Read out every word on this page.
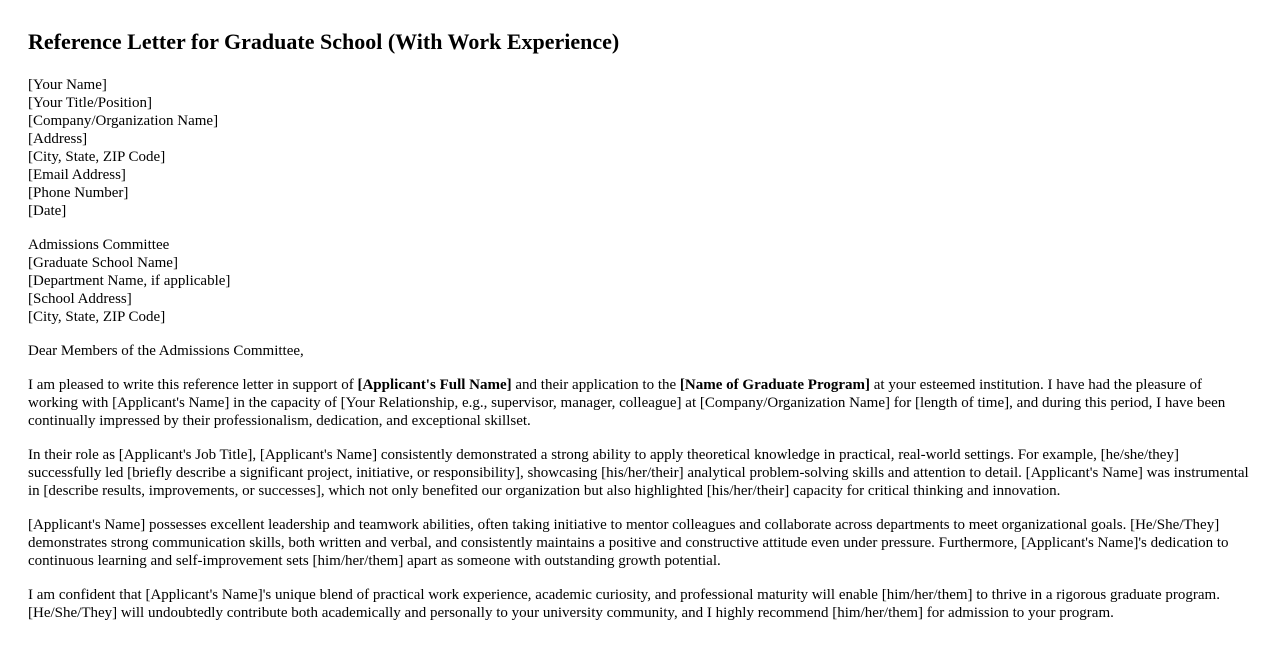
Reference Letter for Graduate School (With Work Experience)
[Your Name]
[Your Title/Position]
[Company/Organization Name]
[Address]
[City, State, ZIP Code]
[Email Address]
[Phone Number]
[Date]
Admissions Committee
[Graduate School Name]
[Department Name, if applicable]
[School Address]
[City, State, ZIP Code]

Dear Members of the Admissions Committee,

I am pleased to write this reference letter in support of [Applicant's Full Name] and their application to the [Name of Graduate Program] at your esteemed institution. I have had the pleasure of working with [Applicant's Name] in the capacity of [Your Relationship, e.g., supervisor, manager, colleague] at [Company/Organization Name] for [length of time], and during this period, I have been continually impressed by their professionalism, dedication, and exceptional skillset.

In their role as [Applicant's Job Title], [Applicant's Name] consistently demonstrated a strong ability to apply theoretical knowledge in practical, real-world settings. For example, [he/she/they] successfully led [briefly describe a significant project, initiative, or responsibility], showcasing [his/her/their] analytical problem-solving skills and attention to detail. [Applicant's Name] was instrumental in [describe results, improvements, or successes], which not only benefited our organization but also highlighted [his/her/their] capacity for critical thinking and innovation.

[Applicant's Name] possesses excellent leadership and teamwork abilities, often taking initiative to mentor colleagues and collaborate across departments to meet organizational goals. [He/She/They] demonstrates strong communication skills, both written and verbal, and consistently maintains a positive and constructive attitude even under pressure. Furthermore, [Applicant's Name]'s dedication to continuous learning and self-improvement sets [him/her/them] apart as someone with outstanding growth potential.

I am confident that [Applicant's Name]'s unique blend of practical work experience, academic curiosity, and professional maturity will enable [him/her/them] to thrive in a rigorous graduate program. [He/She/They] will undoubtedly contribute both academically and personally to your university community, and I highly recommend [him/her/them] for admission to your program.
